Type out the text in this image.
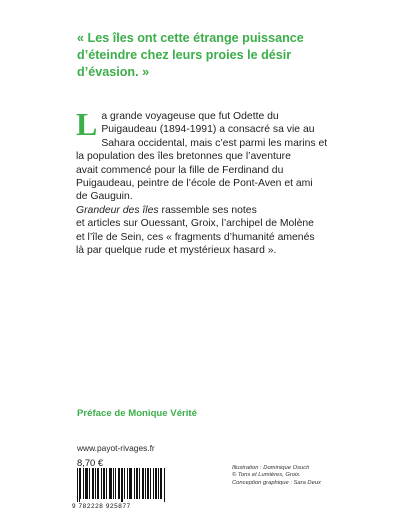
« Les îles ont cette étrange puissance
d’éteindre chez leurs proies le désir
d’évasion. »
L a grande voyageuse que fut Odette du
Puigaudeau (1894-1991) a consacré sa vie au
Sahara occidental, mais c’est parmi les marins et
la population des îles bretonnes que l’aventure
avait commencé pour la fille de Ferdinand du
Puigaudeau, peintre de l’école de Pont-Aven et ami
de Gauguin.
Grandeur des îles rassemble ses notes
et articles sur Ouessant, Groix, l’archipel de Molène
et l’île de Sein, ces « fragments d’humanité amenés
là par quelque rude et mystérieux hasard ».
Préface de Monique Vérité
www.payot-rivages.fr
8,70 €
9 782228 925877
Illustration : Dominique Osuch
© Tons et Lumières, Groix.
Conception graphique : Sara Deux
